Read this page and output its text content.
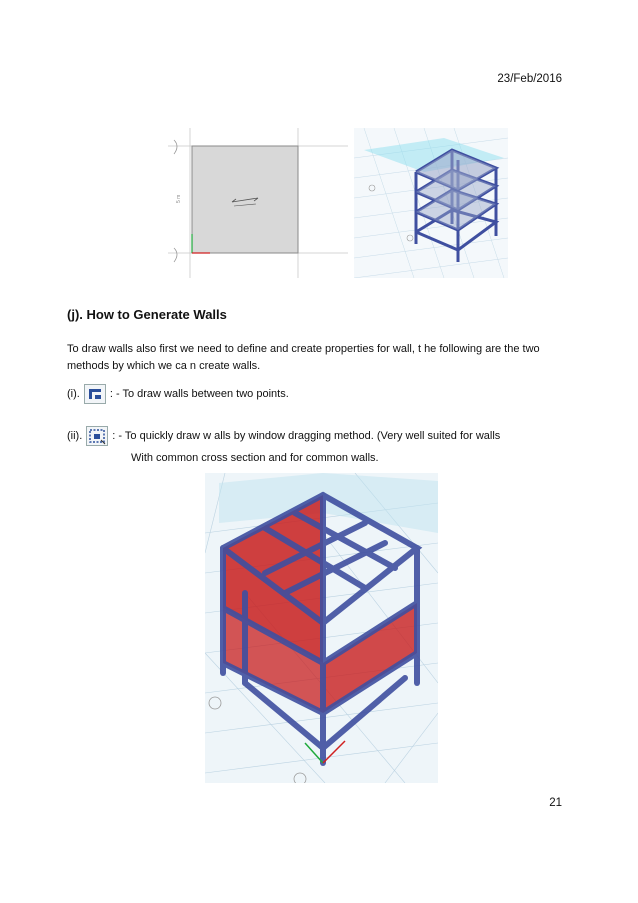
23/Feb/2016
5 m
(j). How to Generate Walls

To draw walls also first we need to define and create properties for wall, t he following are the two methods by which we ca n create walls.

(i).	: - To draw walls between two points.
(ii).	: - To quickly draw w alls by window dragging method. (Very well suited for walls
With common cross section and for common walls.
21
